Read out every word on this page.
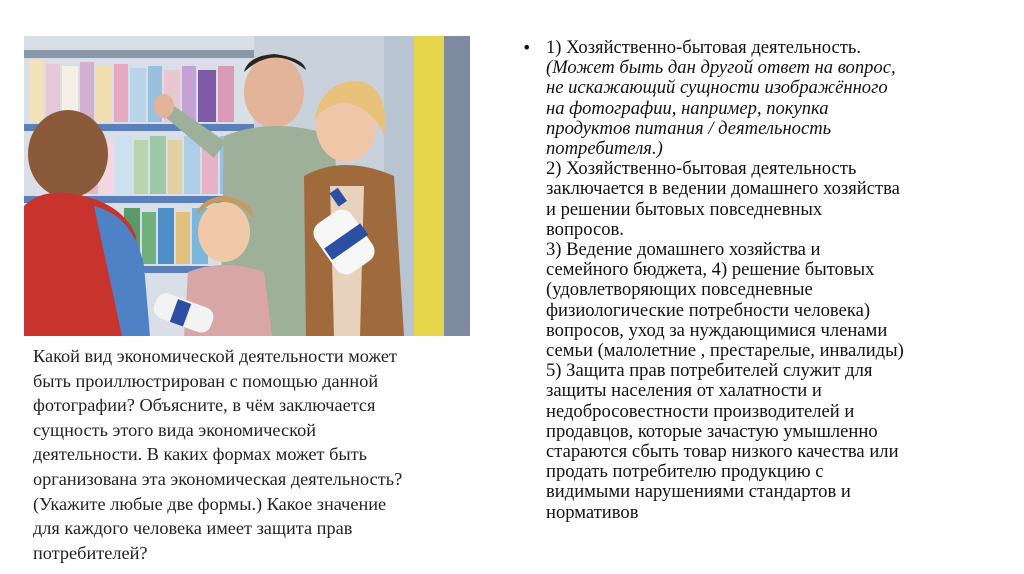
Какой вид экономической деятельности может

быть проиллюстрирован с помощью данной

фотографии? Объясните, в чём заключается

сущность этого вида экономической

деятельности. В каких формах может быть

организована эта экономическая деятельность?

(Укажите любые две формы.) Какое значение

для каждого человека имеет защита прав

потребителей?

• 1) Хозяйственно-бытовая деятельность.
(Может быть дан другой ответ на вопрос,
не искажающий сущности изображённого
на фотографии, например, покупка
продуктов питания / деятельность
потребителя.)
2) Хозяйственно-бытовая деятельность
заключается в ведении домашнего хозяйства
и решении бытовых повседневных
вопросов.
3) Ведение домашнего хозяйства и
семейного бюджета, 4) решение бытовых
(удовлетворяющих повседневные
физиологические потребности человека)
вопросов, уход за нуждающимися членами
семьи (малолетние , престарелые, инвалиды)
5) Защита прав потребителей служит для
защиты населения от халатности и
недобросовестности производителей и
продавцов, которые зачастую умышленно
стараются сбыть товар низкого качества или
продать потребителю продукцию с
видимыми нарушениями стандартов и
нормативов
